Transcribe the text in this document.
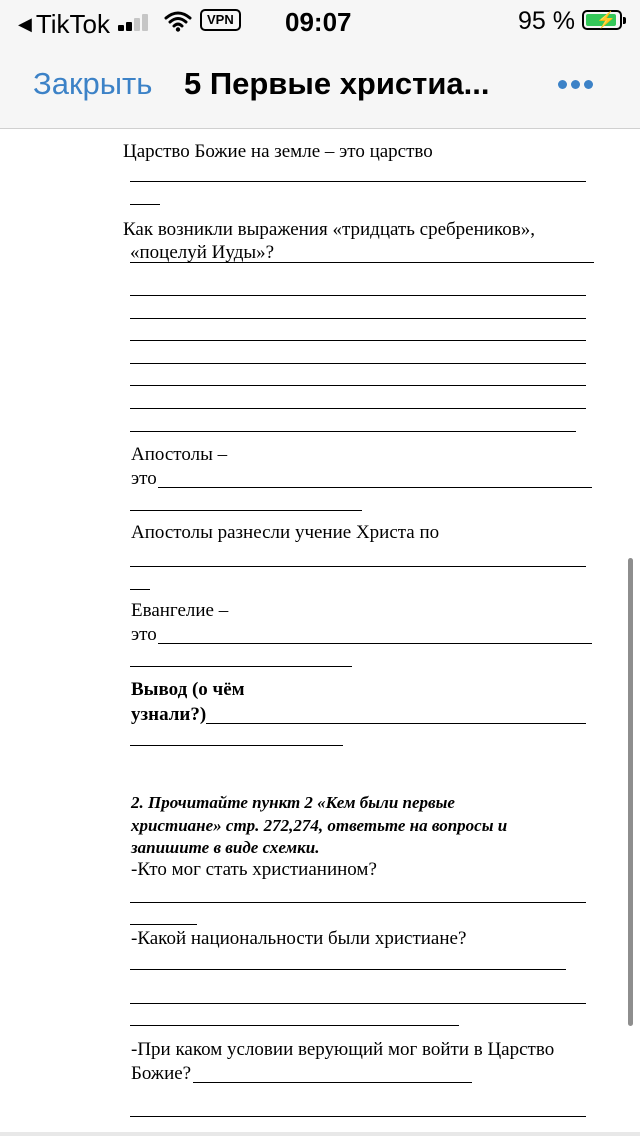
◀ TikTok	VPN 09:07	95 % ⚡
Закрыть 5 Первые христиа...
Царство Божие на земле – это царство
Как возникли выражения «тридцать сребреников»,
«поцелуй Иуды»?
Апостолы –
это
Апостолы разнесли учение Христа по
Евангелие –
это
Вывод (о чём
узнали?)
2. Прочитайте пункт 2 «Кем были первые
христиане» стр. 272,274, ответьте на вопросы и
запишите в виде схемки.
-Кто мог стать христианином?
-Какой национальности были христиане?
-При каком условии верующий мог войти в Царство
Божие?
